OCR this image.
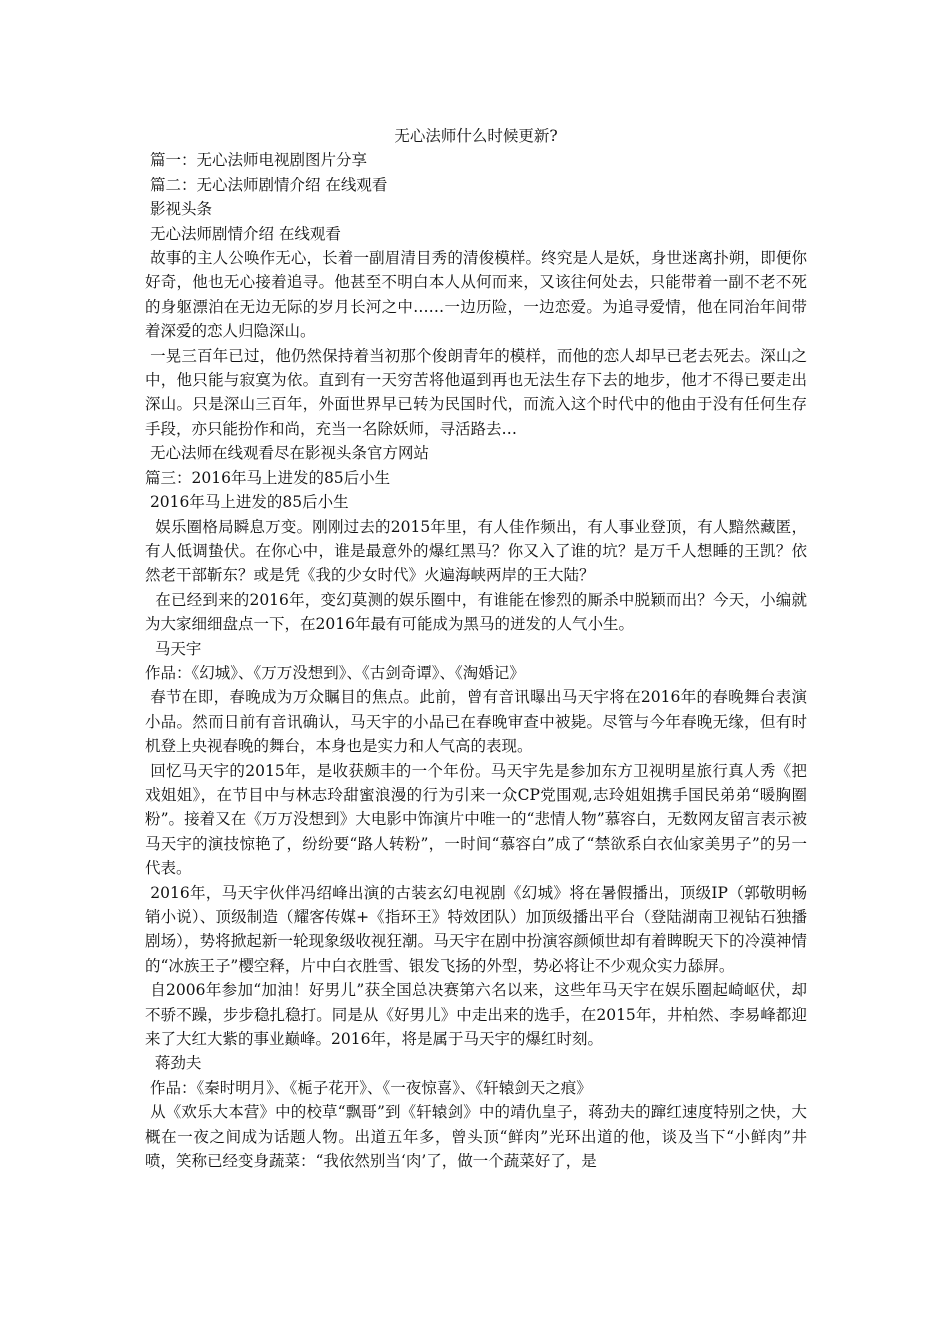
无心法师什么时候更新?
篇一：无心法师电视剧图片分享
篇二：无心法师剧情介绍 在线观看
影视头条
无心法师剧情介绍 在线观看
故事的主人公唤作无心，长着一副眉清目秀的清俊模样。终究是人是妖，身世迷离扑朔，即便你好奇，他也无心接着追寻。他甚至不明白本人从何而来，又该往何处去，只能带着一副不老不死的身躯漂泊在无边无际的岁月长河之中……一边历险，一边恋爱。为追寻爱情，他在同治年间带着深爱的恋人归隐深山。
一晃三百年已过，他仍然保持着当初那个俊朗青年的模样，而他的恋人却早已老去死去。深山之中，他只能与寂寞为依。直到有一天穷苦将他逼到再也无法生存下去的地步，他才不得已要走出深山。只是深山三百年，外面世界早已转为民国时代，而流入这个时代中的他由于没有任何生存手段，亦只能扮作和尚，充当一名除妖师，寻活路去…
无心法师在线观看尽在影视头条官方网站
篇三：2016年马上进发的85后小生
2016年马上进发的85后小生
娱乐圈格局瞬息万变。刚刚过去的2015年里，有人佳作频出，有人事业登顶，有人黯然藏匿，有人低调蛰伏。在你心中，谁是最意外的爆红黑马？你又入了谁的坑？是万千人想睡的王凯？依然老干部靳东？或是凭《我的少女时代》火遍海峡两岸的王大陆？
在已经到来的2016年，变幻莫测的娱乐圈中，有谁能在惨烈的厮杀中脱颖而出？今天，小编就为大家细细盘点一下，在2016年最有可能成为黑马的迸发的人气小生。
马天宇
作品：《幻城》、《万万没想到》、《古剑奇谭》、《淘婚记》
春节在即，春晚成为万众瞩目的焦点。此前，曾有音讯曝出马天宇将在2016年的春晚舞台表演小品。然而日前有音讯确认，马天宇的小品已在春晚审查中被毙。尽管与今年春晚无缘，但有时机登上央视春晚的舞台，本身也是实力和人气高的表现。
回忆马天宇的2015年，是收获颇丰的一个年份。马天宇先是参加东方卫视明星旅行真人秀《把戏姐姐》，在节目中与林志玲甜蜜浪漫的行为引来一众CP党围观,志玲姐姐携手国民弟弟“暖胸圈粉”。接着又在《万万没想到》大电影中饰演片中唯一的“悲情人物”慕容白，无数网友留言表示被马天宇的演技惊艳了，纷纷要“路人转粉”，一时间“慕容白”成了“禁欲系白衣仙家美男子”的另一代表。
2016年，马天宇伙伴冯绍峰出演的古装玄幻电视剧《幻城》将在暑假播出，顶级IP（郭敬明畅销小说）、顶级制造（耀客传媒+《指环王》特效团队）加顶级播出平台（登陆湖南卫视钻石独播剧场），势将掀起新一轮现象级收视狂潮。马天宇在剧中扮演容颜倾世却有着睥睨天下的冷漠神情的“冰族王子”樱空释，片中白衣胜雪、银发飞扬的外型，势必将让不少观众实力舔屏。
自2006年参加“加油！好男儿”获全国总决赛第六名以来，这些年马天宇在娱乐圈起崎岖伏，却不骄不躁，步步稳扎稳打。同是从《好男儿》中走出来的选手，在2015年，井柏然、李易峰都迎来了大红大紫的事业巅峰。2016年，将是属于马天宇的爆红时刻。
蒋劲夫
作品：《秦时明月》、《栀子花开》、《一夜惊喜》、《轩辕剑天之痕》
从《欢乐大本营》中的校草“飘哥”到《轩辕剑》中的靖仇皇子，蒋劲夫的蹿红速度特别之快，大概在一夜之间成为话题人物。出道五年多，曾头顶“鲜肉”光环出道的他，谈及当下“小鲜肉”井喷，笑称已经变身蔬菜：“我依然别当‘肉’了，做一个蔬菜好了，是
